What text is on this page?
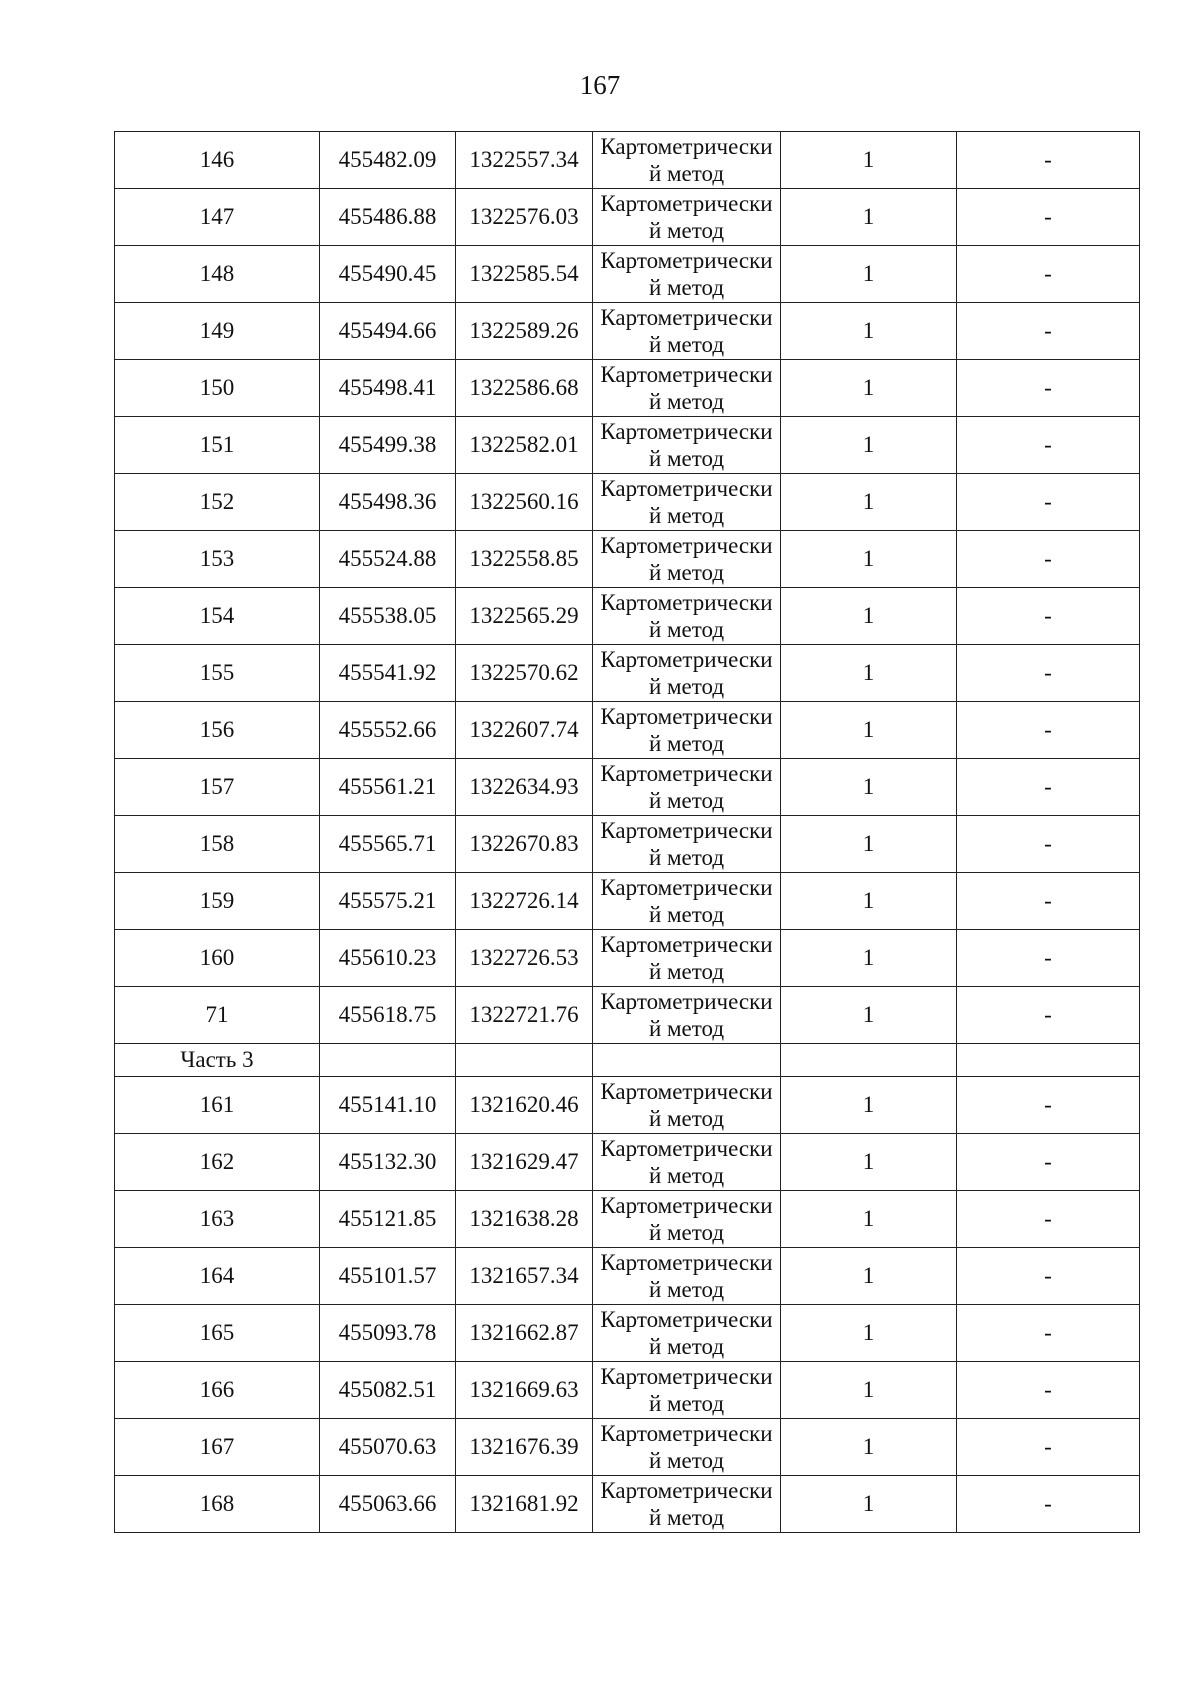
167
146	455482.09	1322557.34	Картометрически
й метод	1	-
147	455486.88	1322576.03	Картометрически
й метод	1	-
148	455490.45	1322585.54	Картометрически
й метод	1	-
149	455494.66	1322589.26	Картометрически
й метод	1	-
150	455498.41	1322586.68	Картометрически
й метод	1	-
151	455499.38	1322582.01	Картометрически
й метод	1	-
152	455498.36	1322560.16	Картометрически
й метод	1	-
153	455524.88	1322558.85	Картометрически
й метод	1	-
154	455538.05	1322565.29	Картометрически
й метод	1	-
155	455541.92	1322570.62	Картометрически
й метод	1	-
156	455552.66	1322607.74	Картометрически
й метод	1	-
157	455561.21	1322634.93	Картометрически
й метод	1	-
158	455565.71	1322670.83	Картометрически
й метод	1	-
159	455575.21	1322726.14	Картометрически
й метод	1	-
160	455610.23	1322726.53	Картометрически
й метод	1	-
71	455618.75	1322721.76	Картометрически
й метод	1	-
Часть 3					
161	455141.10	1321620.46	Картометрически
й метод	1	-
162	455132.30	1321629.47	Картометрически
й метод	1	-
163	455121.85	1321638.28	Картометрически
й метод	1	-
164	455101.57	1321657.34	Картометрически
й метод	1	-
165	455093.78	1321662.87	Картометрически
й метод	1	-
166	455082.51	1321669.63	Картометрически
й метод	1	-
167	455070.63	1321676.39	Картометрически
й метод	1	-
168	455063.66	1321681.92	Картометрически
й метод	1	-
